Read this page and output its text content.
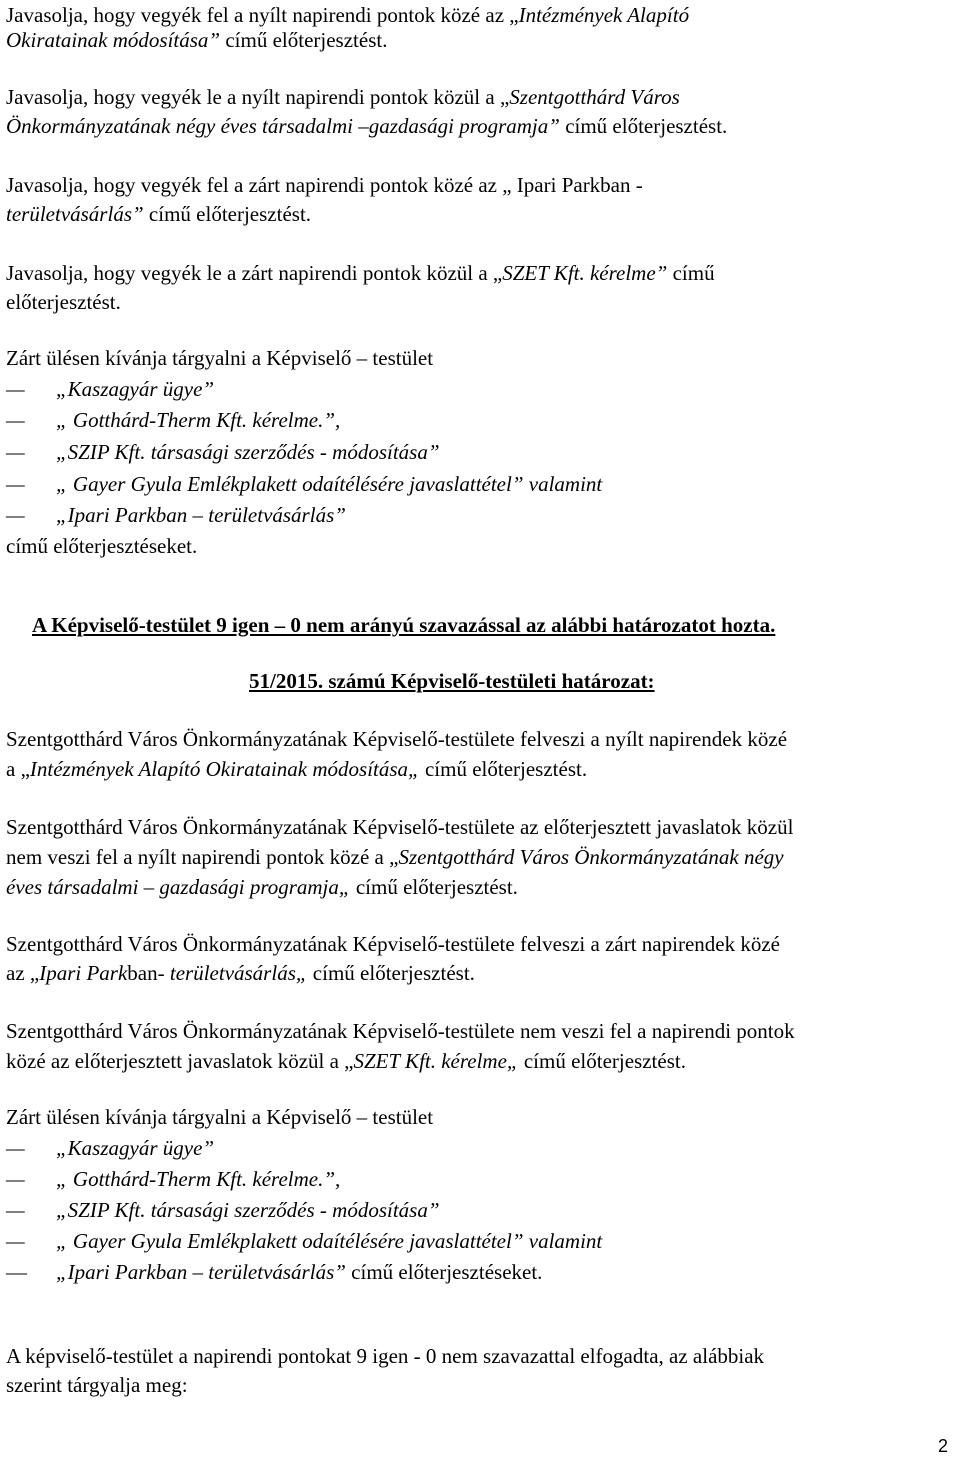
Javasolja, hogy vegyék fel a nyílt napirendi pontok közé az „Intézmények Alapító
Okiratainak módosítása” című előterjesztést.
Javasolja, hogy vegyék le a nyílt napirendi pontok közül a „Szentgotthárd Város
Önkormányzatának négy éves társadalmi –gazdasági programja” című előterjesztést.
Javasolja, hogy vegyék fel a zárt napirendi pontok közé az „ Ipari Parkban -
területvásárlás” című előterjesztést.
Javasolja, hogy vegyék le a zárt napirendi pontok közül a „SZET Kft. kérelme” című
előterjesztést.
Zárt ülésen kívánja tárgyalni a Képviselő – testület
— „Kaszagyár ügye”
— „ Gotthárd-Therm Kft. kérelme.”,
— „SZIP Kft. társasági szerződés - módosítása”
— „ Gayer Gyula Emlékplakett odaítélésére javaslattétel” valamint
— „Ipari Parkban – területvásárlás”
című előterjesztéseket.
A Képviselő-testület 9 igen – 0 nem arányú szavazással az alábbi határozatot hozta.
51/2015. számú Képviselő-testületi határozat:
Szentgotthárd Város Önkormányzatának Képviselő-testülete felveszi a nyílt napirendek közé
a „Intézmények Alapító Okiratainak módosítása„ című előterjesztést.
Szentgotthárd Város Önkormányzatának Képviselő-testülete az előterjesztett javaslatok közül
nem veszi fel a nyílt napirendi pontok közé a „Szentgotthárd Város Önkormányzatának négy
éves társadalmi – gazdasági programja„ című előterjesztést.
Szentgotthárd Város Önkormányzatának Képviselő-testülete felveszi a zárt napirendek közé
az „Ipari Parkban- területvásárlás„ című előterjesztést.
Szentgotthárd Város Önkormányzatának Képviselő-testülete nem veszi fel a napirendi pontok
közé az előterjesztett javaslatok közül a „SZET Kft. kérelme„ című előterjesztést.
Zárt ülésen kívánja tárgyalni a Képviselő – testület
— „Kaszagyár ügye”
— „ Gotthárd-Therm Kft. kérelme.”,
— „SZIP Kft. társasági szerződés - módosítása”
— „ Gayer Gyula Emlékplakett odaítélésére javaslattétel” valamint
— „Ipari Parkban – területvásárlás” című előterjesztéseket.
A képviselő-testület a napirendi pontokat 9 igen - 0 nem szavazattal elfogadta, az alábbiak
szerint tárgyalja meg:
2
